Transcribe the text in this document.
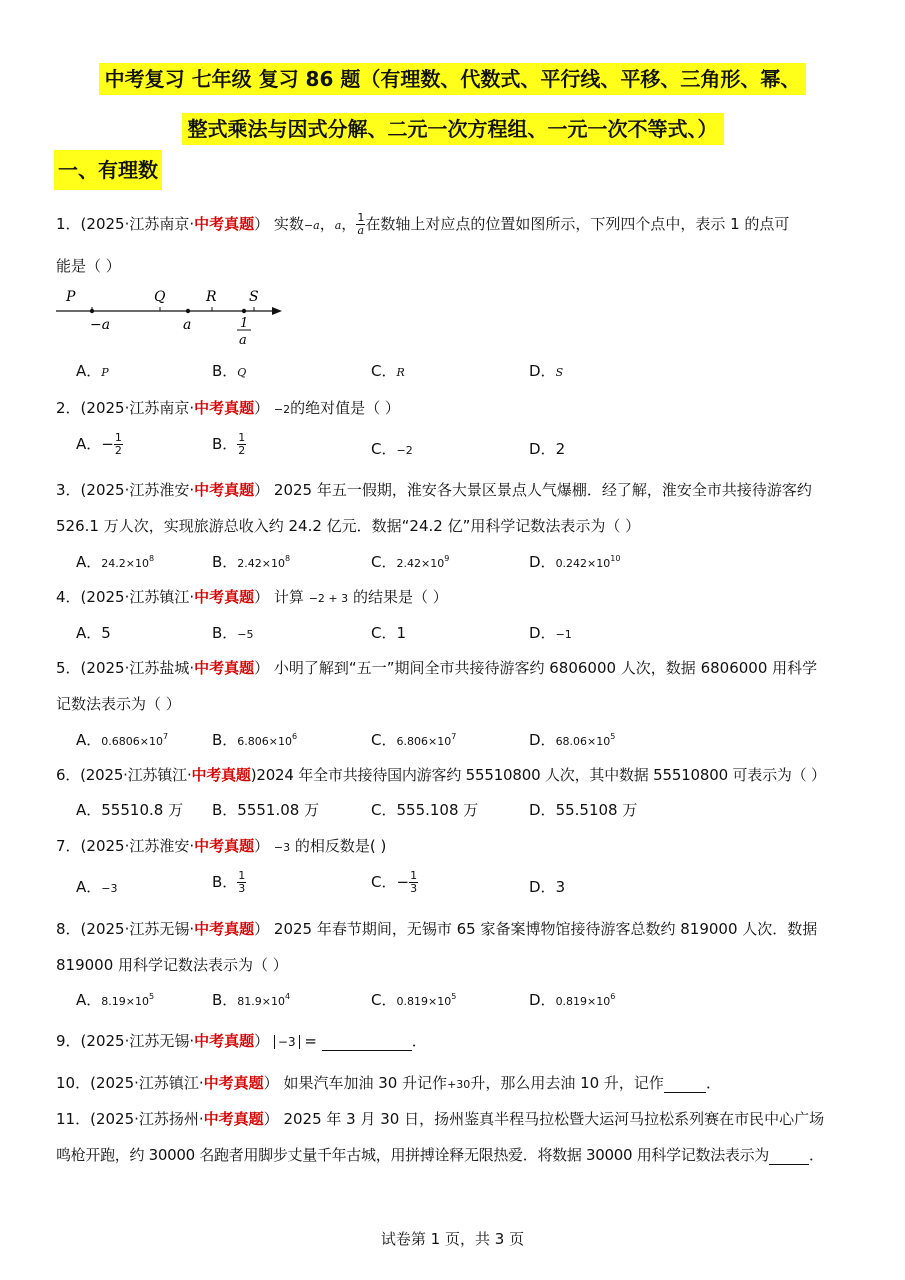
中考复习 七年级 复习 86 题（有理数、代数式、平行线、平移、三角形、幂、
整式乘法与因式分解、二元一次方程组、一元一次不等式、）
一、有理数
1．(2025·江苏南京·中考真题） 实数−a，a， $\frac{1}{a}$ 在数轴上对应点的位置如图所示，下列四个点中，表示 1 的点可
能是（ ）
P	Q	R S
−a	a	1
a
A．P	B．Q	C．R	D．S
2．(2025·江苏南京·中考真题） −2的绝对值是（ ）
A．− $\frac{1}{2}$	B． $\frac{1}{2}$	C．−2	D．2
3．(2025·江苏淮安·中考真题） 2025 年五一假期，淮安各大景区景点人气爆棚．经了解，淮安全市共接待游客约
526.1 万人次，实现旅游总收入约 24.2 亿元．数据“24.2 亿”用科学记数法表示为（ ）
A．$24.2\times 10^8$	B．$2.42\times 10^8$	C．$2.42\times 10^9$	D．$0.242\times 10^{10}$
4．(2025·江苏镇江·中考真题） 计算 −2 + 3 的结果是（ ）
A．5	B．−5	C．1	D．−1
5．(2025·江苏盐城·中考真题） 小明了解到“五一”期间全市共接待游客约 6806000 人次，数据 6806000 用科学
记数法表示为（ ）
A．$0.6806\times 10^7$	B．$6.806\times 10^6$	C．$6.806\times 10^7$	D．$68.06\times 10^5$
6．(2025·江苏镇江·中考真题)2024 年全市共接待国内游客约 55510800 人次，其中数据 55510800 可表示为（ ）
A．55510.8 万 B．5551.08 万	C．555.108 万	D．55.5108 万
7．(2025·江苏淮安·中考真题） −3 的相反数是( )
A．−3	B． $\frac{1}{3}$	C．− $\frac{1}{3}$	D．3
8．(2025·江苏无锡·中考真题） 2025 年春节期间，无锡市 65 家备案博物馆接待游客总数约 819000 人次．数据
819000 用科学记数法表示为（ ）
A．$8.19\times 10^5$	B．$81.9\times 10^4$	C．$0.819\times 10^5$	D．$0.819\times 10^6$
9．(2025·江苏无锡·中考真题） −3 =	．
10．(2025·江苏镇江·中考真题） 如果汽车加油 30 升记作+30升，那么用去油 10 升，记作	．
11．(2025·江苏扬州·中考真题） 2025 年 3 月 30 日，扬州鉴真半程马拉松暨大运河马拉松系列赛在市民中心广场
鸣枪开跑，约 30000 名跑者用脚步丈量千年古城，用拼搏诠释无限热爱．将数据 30000 用科学记数法表示为	．
试卷第 1 页，共 3 页
